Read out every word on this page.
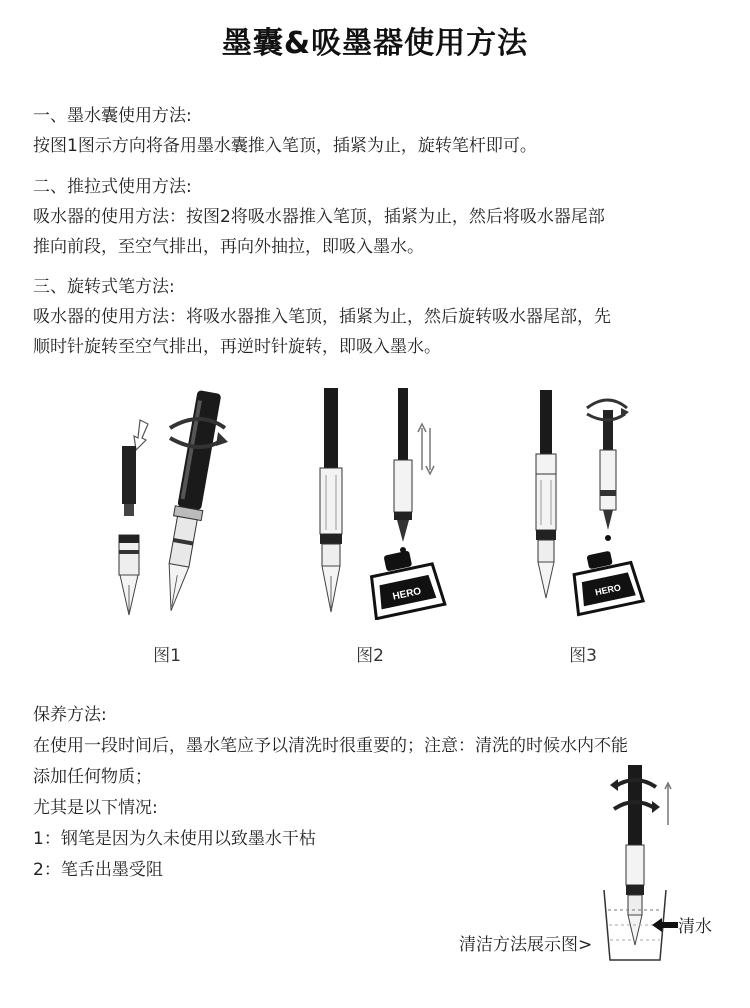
墨囊&吸墨器使用方法

一、墨水囊使用方法:

按图1图示方向将备用墨水囊推入笔顶，插紧为止，旋转笔杆即可。

二、推拉式使用方法:

吸水器的使用方法：按图2将吸水器推入笔顶，插紧为止，然后将吸水器尾部

推向前段，至空气排出，再向外抽拉，即吸入墨水。

三、旋转式笔方法:

吸水器的使用方法：将吸水器推入笔顶，插紧为止，然后旋转吸水器尾部，先

顺时针旋转至空气排出，再逆时针旋转，即吸入墨水。

图1
HERO
图2
HERO
图3

保养方法:

在使用一段时间后，墨水笔应予以清洗时很重要的；注意：清洗的时候水内不能

添加任何物质；

尤其是以下情况:

1：钢笔是因为久未使用以致墨水干枯

2：笔舌出墨受阻

清水
清洁方法展示图>
